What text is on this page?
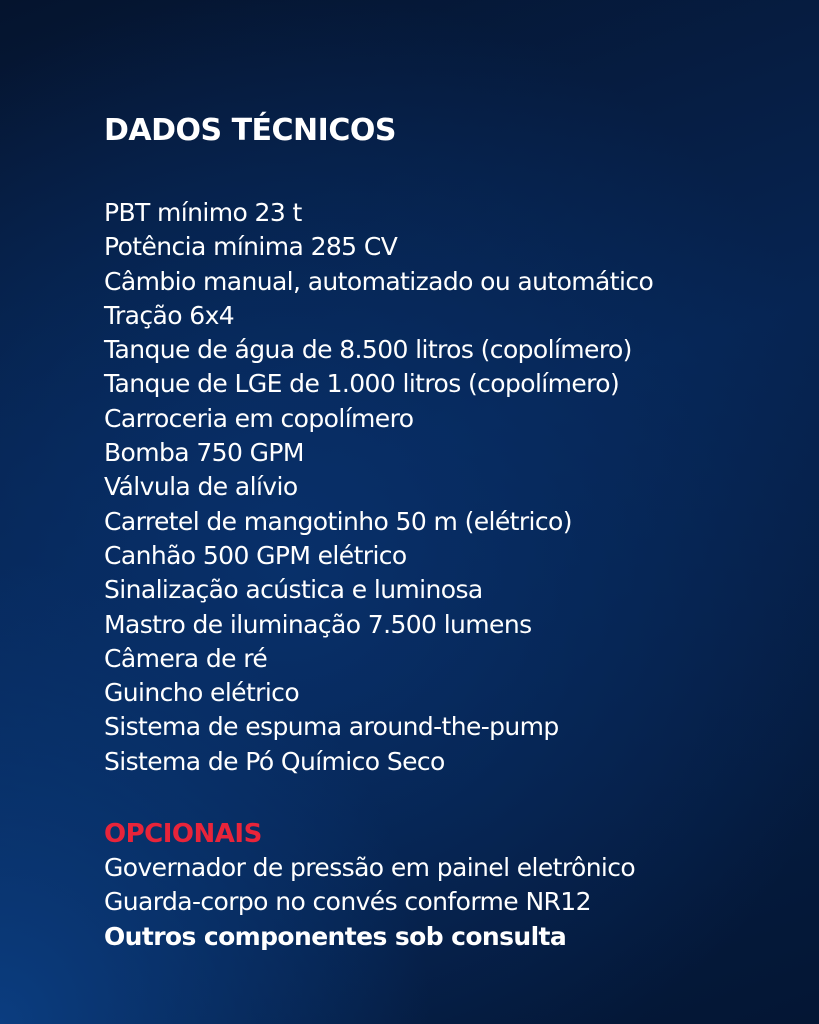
DADOS TÉCNICOS
PBT mínimo 23 t
Potência mínima 285 CV
Câmbio manual, automatizado ou automático
Tração 6x4
Tanque de água de 8.500 litros (copolímero)
Tanque de LGE de 1.000 litros (copolímero)
Carroceria em copolímero
Bomba 750 GPM
Válvula de alívio
Carretel de mangotinho 50 m (elétrico)
Canhão 500 GPM elétrico
Sinalização acústica e luminosa
Mastro de iluminação 7.500 lumens
Câmera de ré
Guincho elétrico
Sistema de espuma around-the-pump
Sistema de Pó Químico Seco
OPCIONAIS
Governador de pressão em painel eletrônico
Guarda-corpo no convés conforme NR12
Outros componentes sob consulta
